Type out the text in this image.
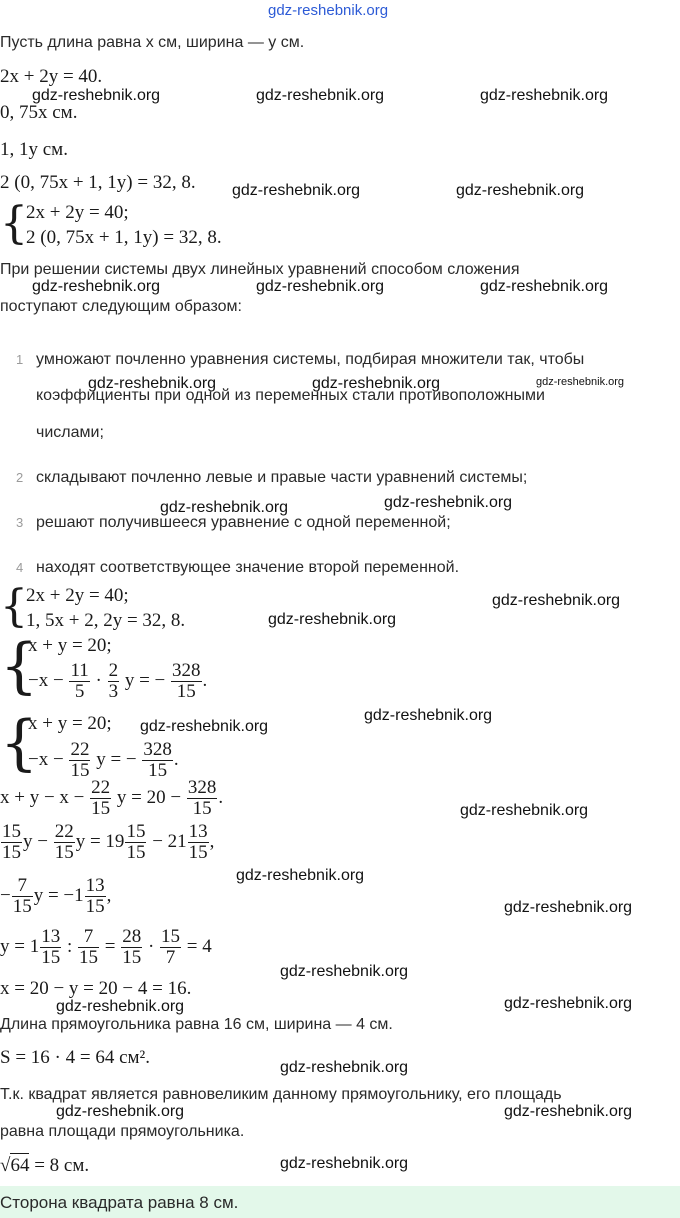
gdz-reshebnik.org
Пусть длина равна x см, ширина — y см.
2x + 2y = 40.
gdz-reshebnik.org	gdz-reshebnik.org	gdz-reshebnik.org
0, 75x см.
1, 1y см.
2 (0, 75x + 1, 1y) = 32, 8. gdz-reshebnik.org	gdz-reshebnik.org
{
2x + 2y = 40;
2 (0, 75x + 1, 1y) = 32, 8.
При решении системы двух линейных уравнений способом сложения
gdz-reshebnik.org	gdz-reshebnik.org	gdz-reshebnik.org
поступают следующим образом:
1 умножают почленно уравнения системы, подбирая множители так, чтобы
gdz-reshebnik.org	gdz-reshebnik.org	gdz-reshebnik.org
коэффициенты при одной из переменных стали противоположными
числами;
2 складывают почленно левые и правые части уравнений системы;
gdz-reshebnik.org	gdz-reshebnik.org
3 решают получившееся уравнение с одной переменной;
4 находят соответствующее значение второй переменной.
{
2x + 2y = 40;
1, 5x + 2, 2y = 32, 8.
gdz-reshebnik.org
gdz-reshebnik.org
{
x + y = 20;
$-x - \frac{11}{5} \cdot \frac{2}{3}$ y = − $\frac{328}{15}$ .
{
x + y = 20; gdz-reshebnik.org
gdz-reshebnik.org
$-x - \frac{22}{15}$ y = − $\frac{328}{15}$ .
$x + y - x - \frac{22}{15}$ $y = 20 - \frac{328}{15}$ .
gdz-reshebnik.org
$\frac{15}{15}$ $y - \frac{22}{15}$ $y = 19 \frac{15}{15} - 21 \frac{13}{15}$ ,
gdz-reshebnik.org
− $\frac{7}{15}$ $y = -1 \frac{13}{15}$ ,
gdz-reshebnik.org
$y = 1 \frac{13}{15}$ : $\frac{7}{15} = \frac{28}{15} \cdot \frac{15}{7} = 4$
gdz-reshebnik.org
x = 20 − y = 20 − 4 = 16.
gdz-reshebnik.org	gdz-reshebnik.org
Длина прямоугольника равна 16 см, ширина — 4 см.
S = 16 · 4 = 64 см².	gdz-reshebnik.org
Т.к. квадрат является равновеликим данному прямоугольнику, его площадь
gdz-reshebnik.org	gdz-reshebnik.org
равна площади прямоугольника.
√64 = 8 см.	gdz-reshebnik.org
Сторона квадрата равна 8 см.
